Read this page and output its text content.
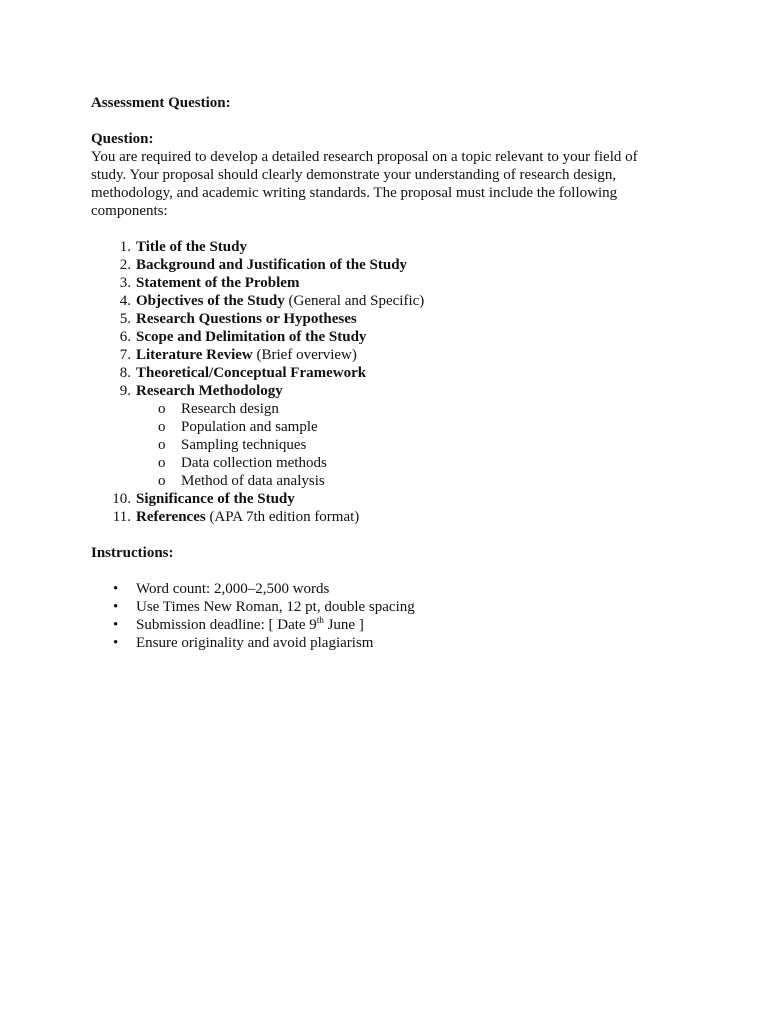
Assessment Question:
Question:

You are required to develop a detailed research proposal on a topic relevant to your field of study. Your proposal should clearly demonstrate your understanding of research design, methodology, and academic writing standards. The proposal must include the following components:

1. Title of the Study
2. Background and Justification of the Study
3. Statement of the Problem
4. Objectives of the Study (General and Specific)
5. Research Questions or Hypotheses
6. Scope and Delimitation of the Study
7. Literature Review (Brief overview)
8. Theoretical/Conceptual Framework
9. Research Methodology
o Research design
o Population and sample
o Sampling techniques
o Data collection methods
o Method of data analysis
10. Significance of the Study
11. References (APA 7th edition format)
Instructions:
• Word count: 2,000–2,500 words
• Use Times New Roman, 12 pt, double spacing
• Submission deadline: [ Date 9th June ]
• Ensure originality and avoid plagiarism
